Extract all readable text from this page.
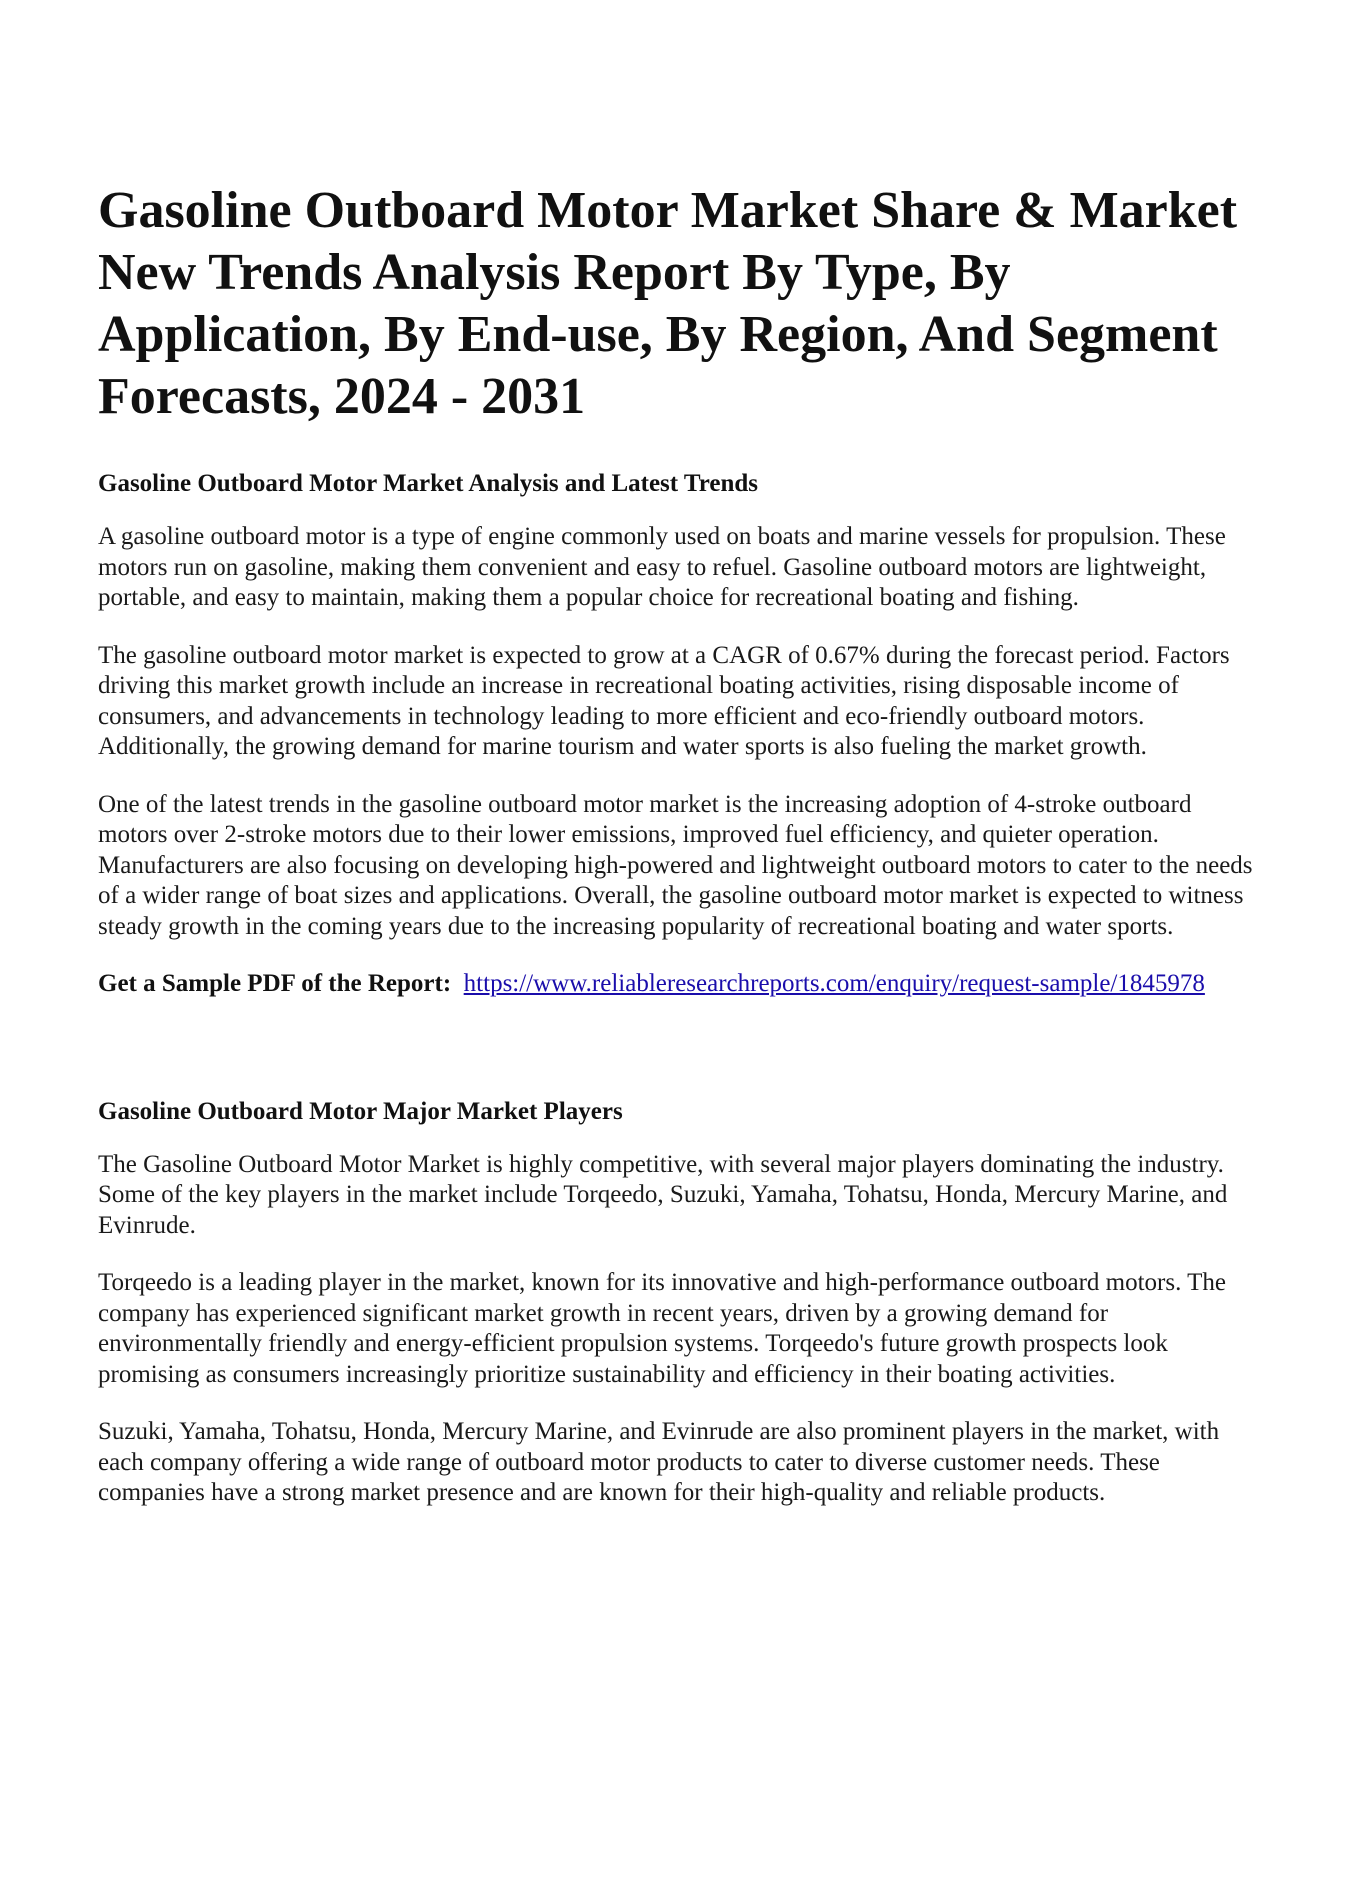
Gasoline Outboard Motor Market Share & Market New Trends Analysis Report By Type, By Application, By End-use, By Region, And Segment Forecasts, 2024 - 2031
Gasoline Outboard Motor Market Analysis and Latest Trends

A gasoline outboard motor is a type of engine commonly used on boats and marine vessels for propulsion. These motors run on gasoline, making them convenient and easy to refuel. Gasoline outboard motors are lightweight, portable, and easy to maintain, making them a popular choice for recreational boating and fishing.

The gasoline outboard motor market is expected to grow at a CAGR of 0.67% during the forecast period. Factors driving this market growth include an increase in recreational boating activities, rising disposable income of consumers, and advancements in technology leading to more efficient and eco-friendly outboard motors. Additionally, the growing demand for marine tourism and water sports is also fueling the market growth.

One of the latest trends in the gasoline outboard motor market is the increasing adoption of 4-stroke outboard motors over 2-stroke motors due to their lower emissions, improved fuel efficiency, and quieter operation. Manufacturers are also focusing on developing high-powered and lightweight outboard motors to cater to the needs of a wider range of boat sizes and applications. Overall, the gasoline outboard motor market is expected to witness steady growth in the coming years due to the increasing popularity of recreational boating and water sports.

Get a Sample PDF of the Report: https://www.reliableresearchreports.com/enquiry/request-sample/1845978

Gasoline Outboard Motor Major Market Players

The Gasoline Outboard Motor Market is highly competitive, with several major players dominating the industry. Some of the key players in the market include Torqeedo, Suzuki, Yamaha, Tohatsu, Honda, Mercury Marine, and Evinrude.

Torqeedo is a leading player in the market, known for its innovative and high-performance outboard motors. The company has experienced significant market growth in recent years, driven by a growing demand for environmentally friendly and energy-efficient propulsion systems. Torqeedo's future growth prospects look promising as consumers increasingly prioritize sustainability and efficiency in their boating activities.

Suzuki, Yamaha, Tohatsu, Honda, Mercury Marine, and Evinrude are also prominent players in the market, with each company offering a wide range of outboard motor products to cater to diverse customer needs. These companies have a strong market presence and are known for their high-quality and reliable products.
